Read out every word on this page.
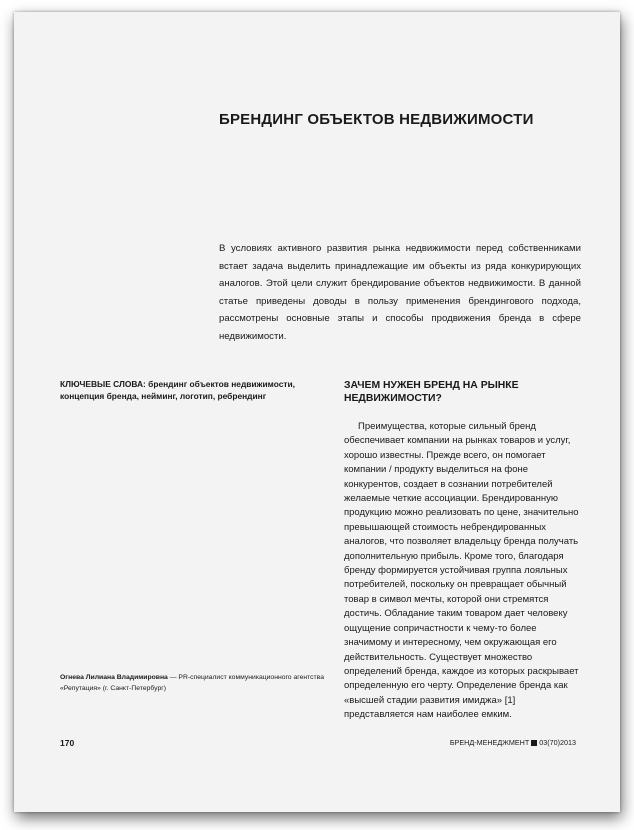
БРЕНДИНГ ОБЪЕКТОВ НЕДВИЖИМОСТИ

В условиях активного развития рынка недвижимости перед собственниками встает задача выделить принадлежащие им объекты из ряда конкурирующих аналогов. Этой цели служит брендирование объектов недвижимости. В данной статье приведены доводы в пользу применения брендингового подхода, рассмотрены основные этапы и способы продвижения бренда в сфере недвижимости.

КЛЮЧЕВЫЕ СЛОВА: брендинг объектов недвижимости, концепция бренда, нейминг, логотип, ребрендинг

Огнева Лилиана Владимировна — PR-специалист коммуникационного агентства «Репутация» (г. Санкт-Петербург)

ЗАЧЕМ НУЖЕН БРЕНД НА РЫНКЕ НЕДВИЖИМОСТИ?

Преимущества, которые сильный бренд обеспечивает компании на рынках товаров и услуг, хорошо известны. Прежде всего, он помогает компании / продукту выделиться на фоне конкурентов, создает в сознании потребителей желаемые четкие ассоциации. Брендированную продукцию можно реализовать по цене, значительно превышающей стоимость небрендированных аналогов, что позволяет владельцу бренда получать дополнительную прибыль. Кроме того, благодаря бренду формируется устойчивая группа лояльных потребителей, поскольку он превращает обычный товар в символ мечты, которой они стремятся достичь. Обладание таким товаром дает человеку ощущение сопричастности к чему-то более значимому и интересному, чем окружающая его действительность. Существует множество определений бренда, каждое из которых раскрывает определенную его черту. Определение бренда как «высшей стадии развития имиджа» [1] представляется нам наиболее емким.

170	БРЕНД-МЕНЕДЖМЕНТ 03(70)2013
